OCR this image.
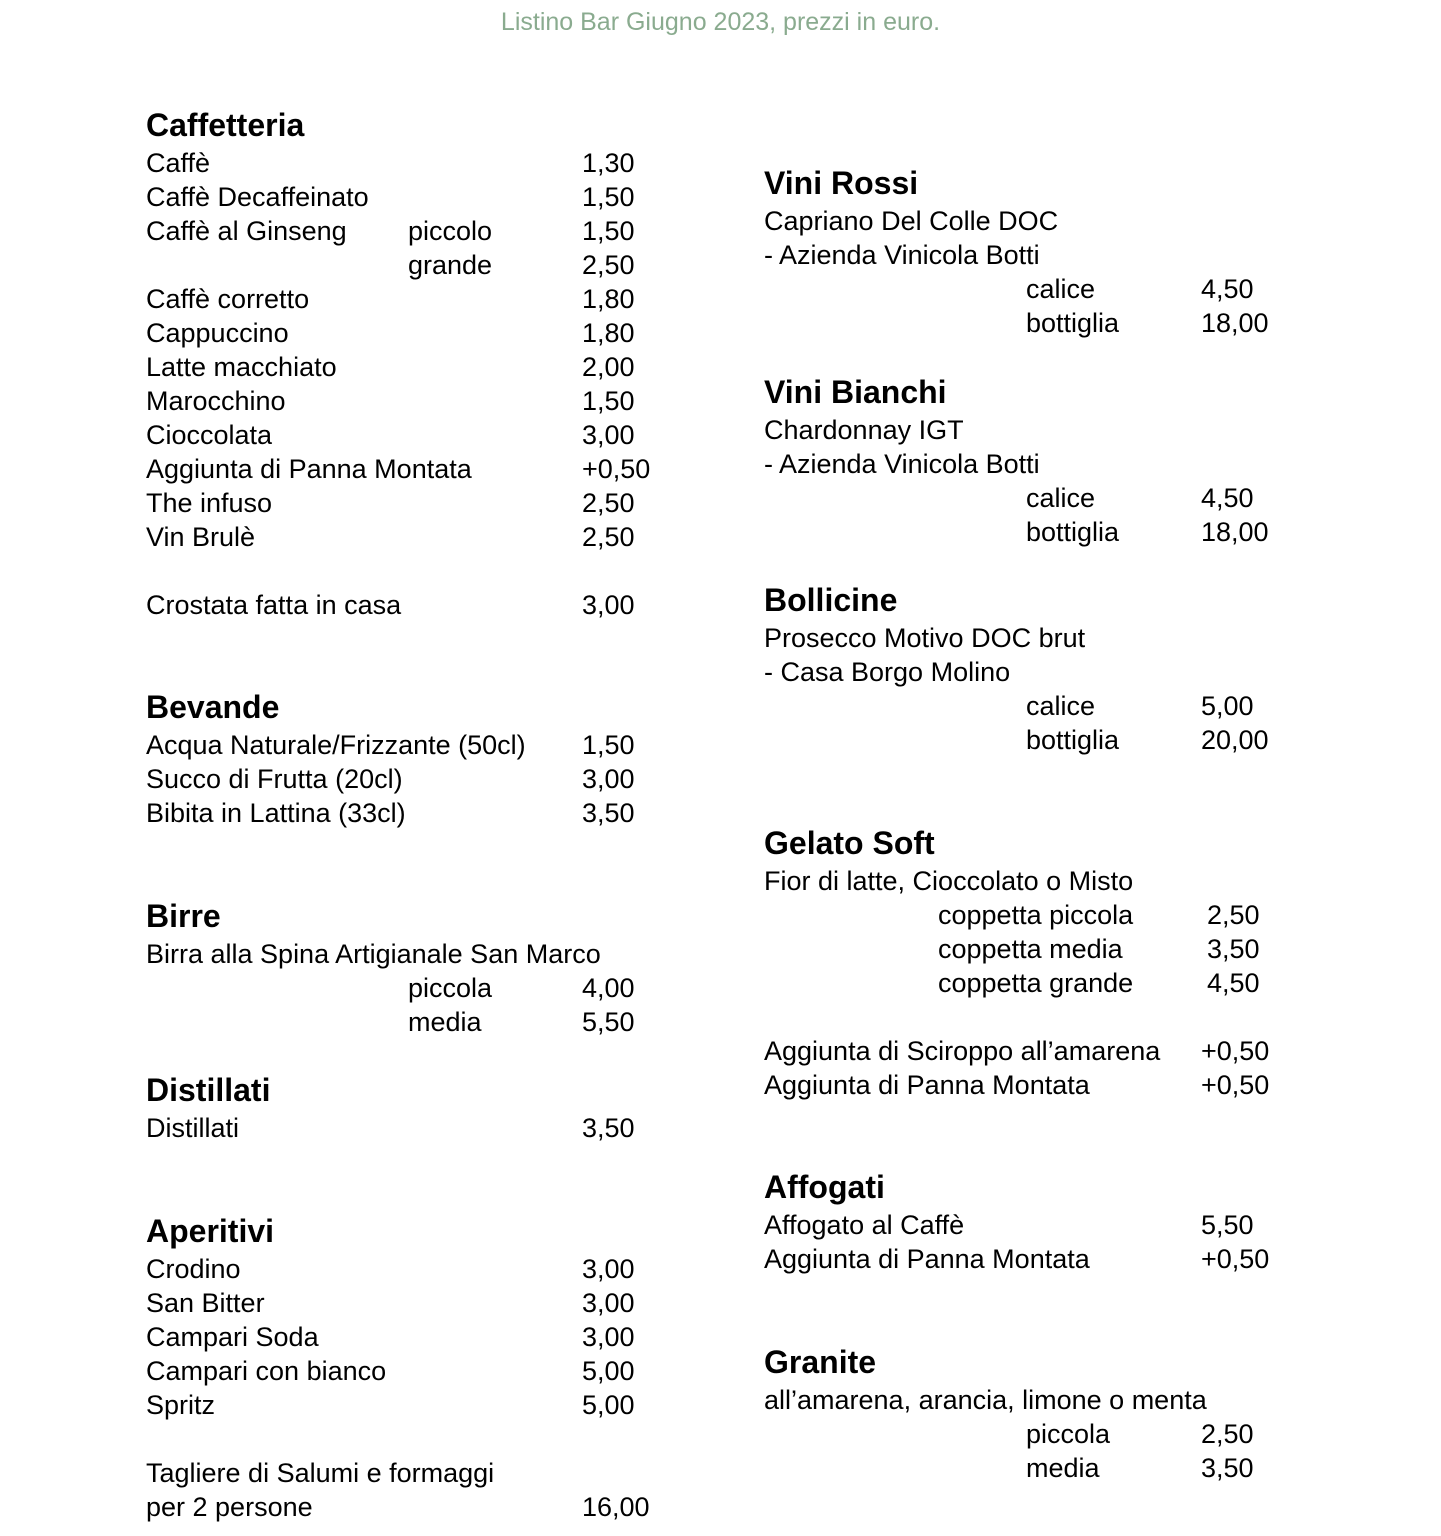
Listino Bar Giugno 2023, prezzi in euro.
Caffetteria
Caffè	1,30
Caffè Decaffeinato	1,50
Caffè al Ginseng piccolo	1,50
grande	2,50
Caffè corretto	1,80
Cappuccino	1,80
Latte macchiato	2,00
Marocchino	1,50
Cioccolata	3,00
Aggiunta di Panna Montata	+0,50
The infuso	2,50
Vin Brulè	2,50
Crostata fatta in casa	3,00
Bevande
Acqua Naturale/Frizzante (50cl) 1,50
Succo di Frutta (20cl)	3,00
Bibita in Lattina (33cl)	3,50
Birre
Birra alla Spina Artigianale San Marco
piccola	4,00
media	5,50
Distillati
Distillati	3,50
Aperitivi
Crodino	3,00
San Bitter	3,00
Campari Soda	3,00
Campari con bianco	5,00
Spritz	5,00
Tagliere di Salumi e formaggi
per 2 persone	16,00
Vini Rossi
Capriano Del Colle DOC
- Azienda Vinicola Botti
calice	4,50
bottiglia	18,00
Vini Bianchi
Chardonnay IGT
- Azienda Vinicola Botti
calice	4,50
bottiglia	18,00
Bollicine
Prosecco Motivo DOC brut
- Casa Borgo Molino
calice	5,00
bottiglia	20,00
Gelato Soft
Fior di latte, Cioccolato o Misto
coppetta piccola	2,50
coppetta media	3,50
coppetta grande	4,50
Aggiunta di Sciroppo all’amarena +0,50
Aggiunta di Panna Montata	+0,50
Affogati
Affogato al Caffè	5,50
Aggiunta di Panna Montata	+0,50
Granite
all’amarena, arancia, limone o menta
piccola	2,50
media	3,50
